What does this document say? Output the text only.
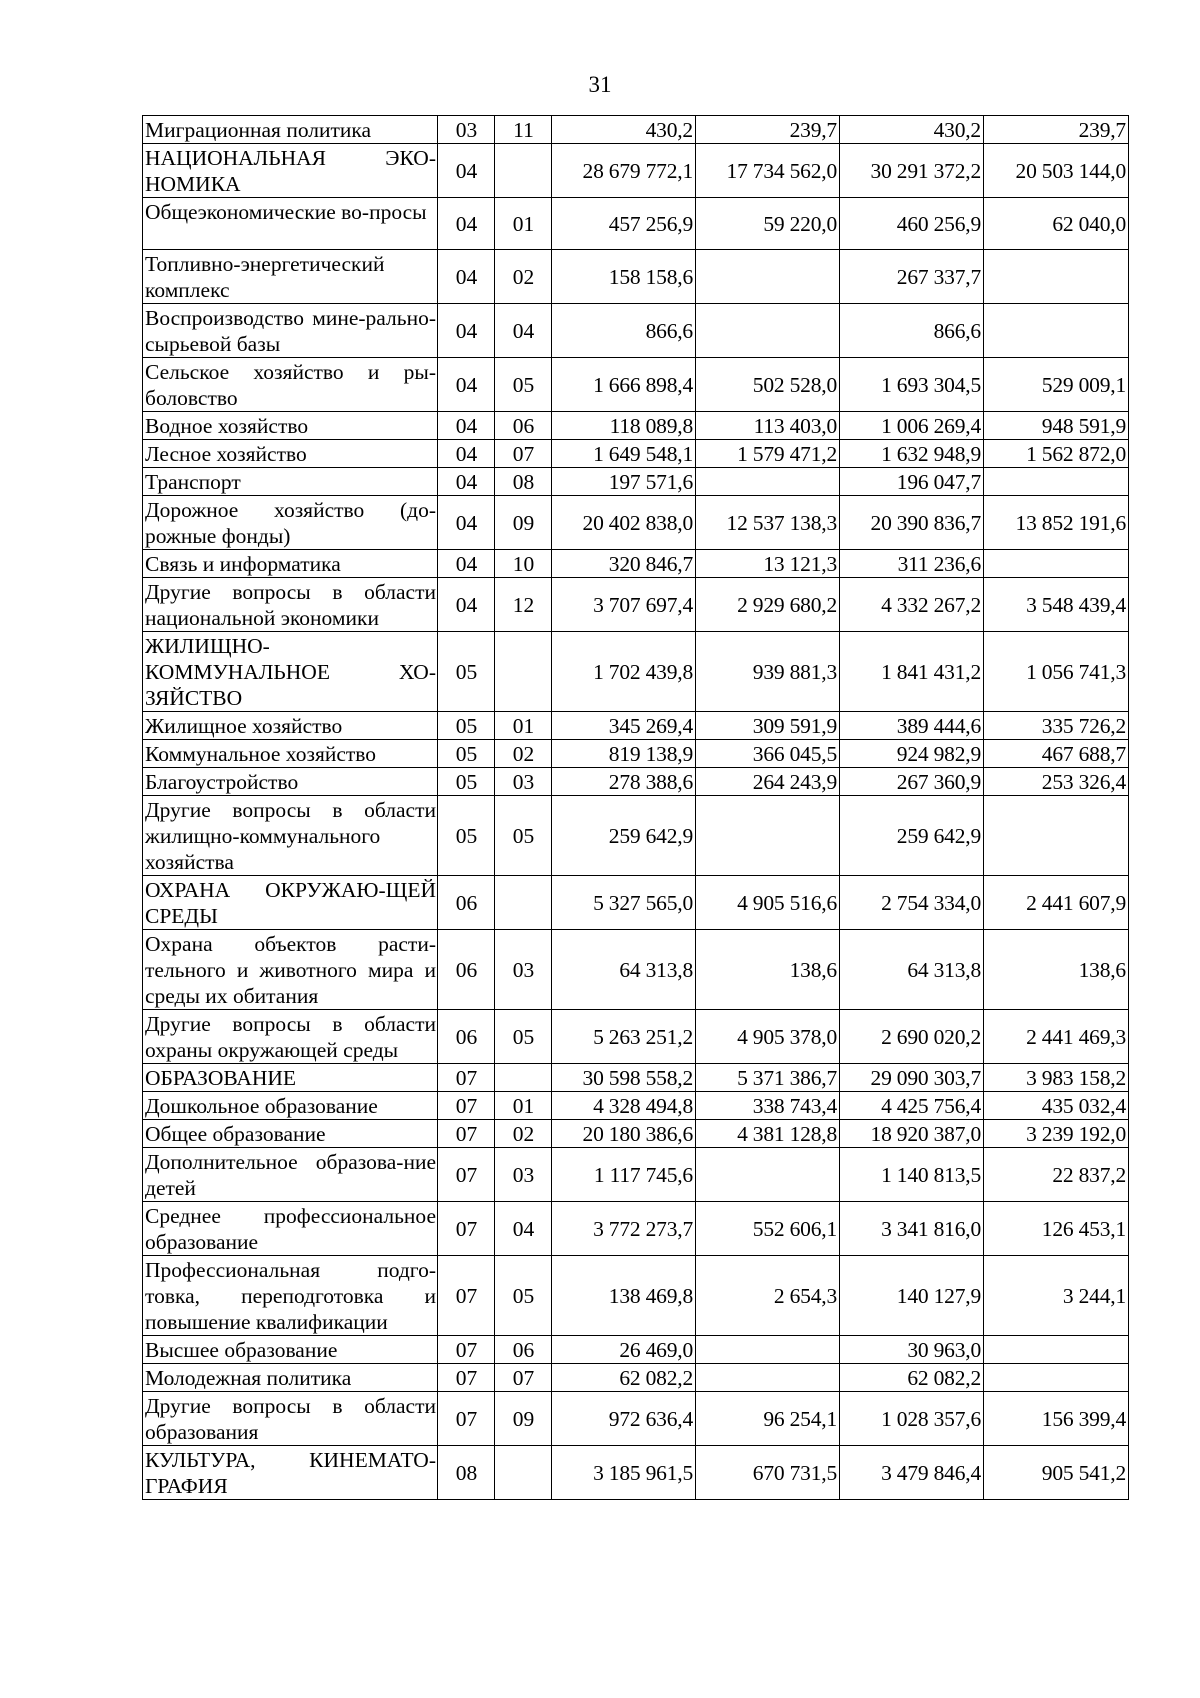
31
Миграционная политика	03	11	430,2	239,7	430,2	239,7
НАЦИОНАЛЬНАЯ ЭКО-НОМИКА	04		28 679 772,1	17 734 562,0	30 291 372,2	20 503 144,0
Общеэкономические во-просы	04	01	457 256,9	59 220,0	460 256,9	62 040,0
Топливно-энергетический комплекс	04	02	158 158,6		267 337,7	
Воспроизводство мине-рально-сырьевой базы	04	04	866,6		866,6	
Сельское хозяйство и ры-боловство	04	05	1 666 898,4	502 528,0	1 693 304,5	529 009,1
Водное хозяйство	04	06	118 089,8	113 403,0	1 006 269,4	948 591,9
Лесное хозяйство	04	07	1 649 548,1	1 579 471,2	1 632 948,9	1 562 872,0
Транспорт	04	08	197 571,6		196 047,7	
Дорожное хозяйство (до-рожные фонды)	04	09	20 402 838,0	12 537 138,3	20 390 836,7	13 852 191,6
Связь и информатика	04	10	320 846,7	13 121,3	311 236,6	
Другие вопросы в области национальной экономики	04	12	3 707 697,4	2 929 680,2	4 332 267,2	3 548 439,4
ЖИЛИЩНО-КОММУНАЛЬНОЕ ХО-ЗЯЙСТВО	05		1 702 439,8	939 881,3	1 841 431,2	1 056 741,3
Жилищное хозяйство	05	01	345 269,4	309 591,9	389 444,6	335 726,2
Коммунальное хозяйство	05	02	819 138,9	366 045,5	924 982,9	467 688,7
Благоустройство	05	03	278 388,6	264 243,9	267 360,9	253 326,4
Другие вопросы в области жилищно-коммунального хозяйства	05	05	259 642,9		259 642,9	
ОХРАНА ОКРУЖАЮ-ЩЕЙ СРЕДЫ	06		5 327 565,0	4 905 516,6	2 754 334,0	2 441 607,9
Охрана объектов расти-тельного и животного мира и среды их обитания	06	03	64 313,8	138,6	64 313,8	138,6
Другие вопросы в области охраны окружающей среды	06	05	5 263 251,2	4 905 378,0	2 690 020,2	2 441 469,3
ОБРАЗОВАНИЕ	07		30 598 558,2	5 371 386,7	29 090 303,7	3 983 158,2
Дошкольное образование	07	01	4 328 494,8	338 743,4	4 425 756,4	435 032,4
Общее образование	07	02	20 180 386,6	4 381 128,8	18 920 387,0	3 239 192,0
Дополнительное образова-ние детей	07	03	1 117 745,6		1 140 813,5	22 837,2
Среднее профессиональное образование	07	04	3 772 273,7	552 606,1	3 341 816,0	126 453,1
Профессиональная подго-товка, переподготовка и повышение квалификации	07	05	138 469,8	2 654,3	140 127,9	3 244,1
Высшее образование	07	06	26 469,0		30 963,0	
Молодежная политика	07	07	62 082,2		62 082,2	
Другие вопросы в области образования	07	09	972 636,4	96 254,1	1 028 357,6	156 399,4
КУЛЬТУРА, КИНЕМАТО-ГРАФИЯ	08		3 185 961,5	670 731,5	3 479 846,4	905 541,2
